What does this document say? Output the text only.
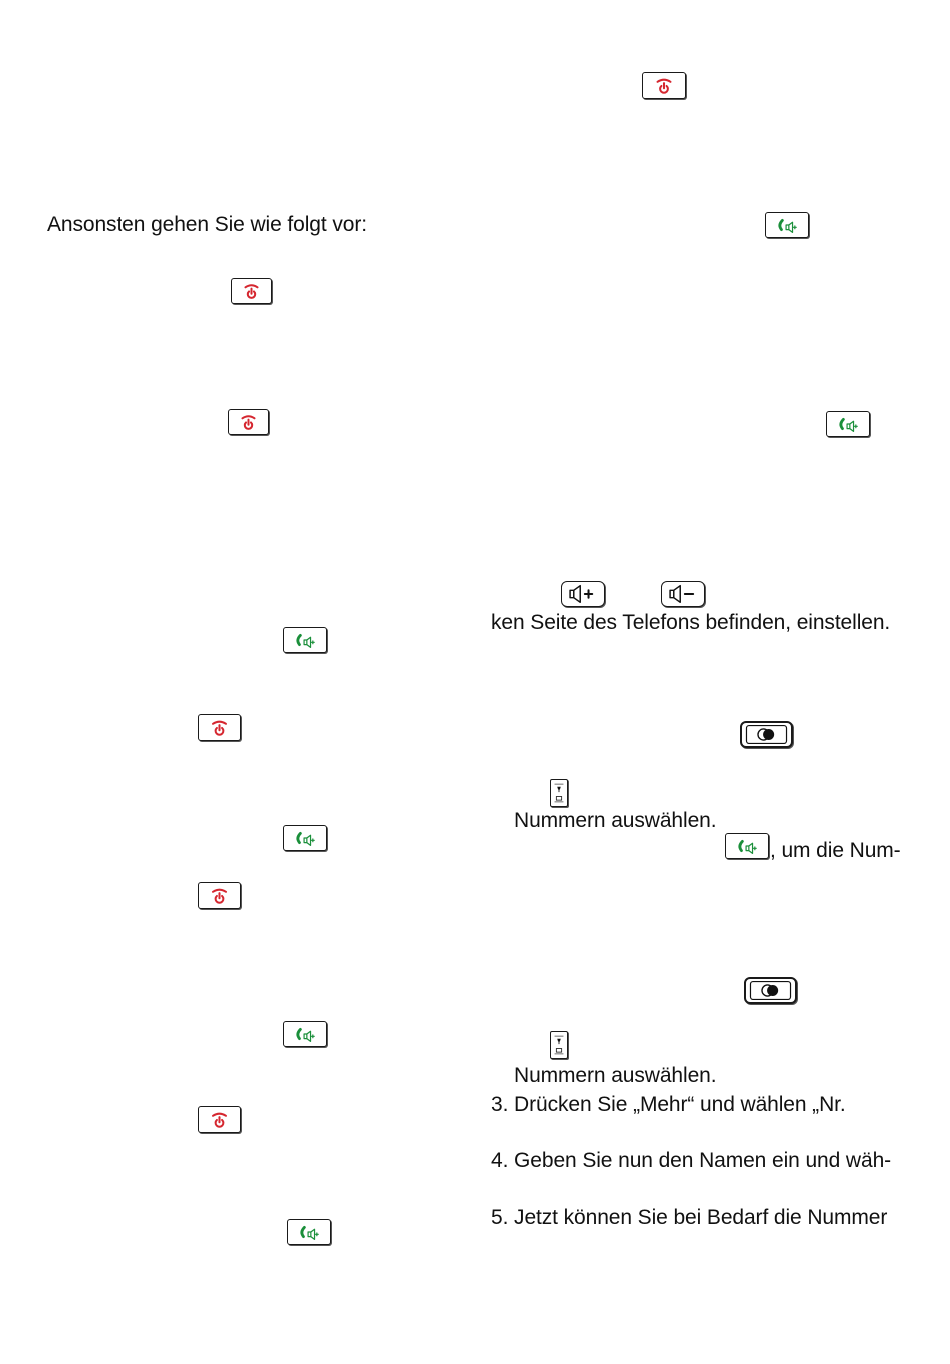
Ansonsten gehen Sie wie folgt vor:
ken Seite des Telefons befinden, einstellen.
Nummern auswählen.
, um die Num-
Nummern auswählen.
3. Drücken Sie „Mehr“ und wählen „Nr.
4. Geben Sie nun den Namen ein und wäh-
5. Jetzt können Sie bei Bedarf die Nummer
